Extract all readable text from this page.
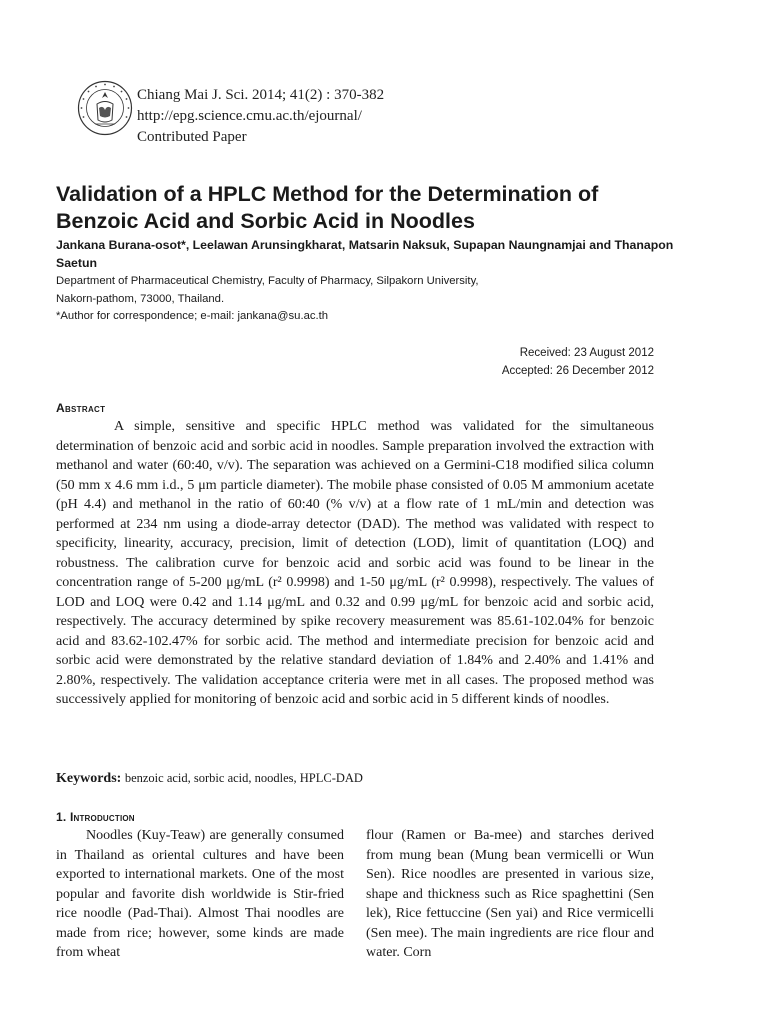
Chiang Mai J. Sci. 2014; 41(2) : 370-382
http://epg.science.cmu.ac.th/ejournal/
Contributed Paper
Validation of a HPLC Method for the Determination of Benzoic Acid and Sorbic Acid in Noodles
Jankana Burana-osot*, Leelawan Arunsingkharat, Matsarin Naksuk, Supapan Naungnamjai and Thanapon Saetun
Department of Pharmaceutical Chemistry, Faculty of Pharmacy, Silpakorn University,
Nakorn-pathom, 73000, Thailand.
*Author for correspondence; e-mail: jankana@su.ac.th
Received: 23 August 2012
Accepted: 26 December 2012
Abstract

A simple, sensitive and specific HPLC method was validated for the simultaneous determination of benzoic acid and sorbic acid in noodles. Sample preparation involved the extraction with methanol and water (60:40, v/v). The separation was achieved on a Germini-C18 modified silica column (50 mm x 4.6 mm i.d., 5 μm particle diameter). The mobile phase consisted of 0.05 M ammonium acetate (pH 4.4) and methanol in the ratio of 60:40 (% v/v) at a flow rate of 1 mL/min and detection was performed at 234 nm using a diode-array detector (DAD). The method was validated with respect to specificity, linearity, accuracy, precision, limit of detection (LOD), limit of quantitation (LOQ) and robustness. The calibration curve for benzoic acid and sorbic acid was found to be linear in the concentration range of 5-200 μg/mL (r² 0.9998) and 1-50 μg/mL (r² 0.9998), respectively. The values of LOD and LOQ were 0.42 and 1.14 μg/mL and 0.32 and 0.99 μg/mL for benzoic acid and sorbic acid, respectively. The accuracy determined by spike recovery measurement was 85.61-102.04% for benzoic acid and 83.62-102.47% for sorbic acid. The method and intermediate precision for benzoic acid and sorbic acid were demonstrated by the relative standard deviation of 1.84% and 2.40% and 1.41% and 2.80%, respectively. The validation acceptance criteria were met in all cases. The proposed method was successively applied for monitoring of benzoic acid and sorbic acid in 5 different kinds of noodles.

Keywords: benzoic acid, sorbic acid, noodles, HPLC-DAD
1. Introduction

Noodles (Kuy-Teaw) are generally consumed in Thailand as oriental cultures and have been exported to international markets. One of the most popular and favorite dish worldwide is Stir-fried rice noodle (Pad-Thai). Almost Thai noodles are made from rice; however, some kinds are made from wheat

flour (Ramen or Ba-mee) and starches derived from mung bean (Mung bean vermicelli or Wun Sen). Rice noodles are presented in various size, shape and thickness such as Rice spaghettini (Sen lek), Rice fettuccine (Sen yai) and Rice vermicelli (Sen mee). The main ingredients are rice flour and water. Corn
